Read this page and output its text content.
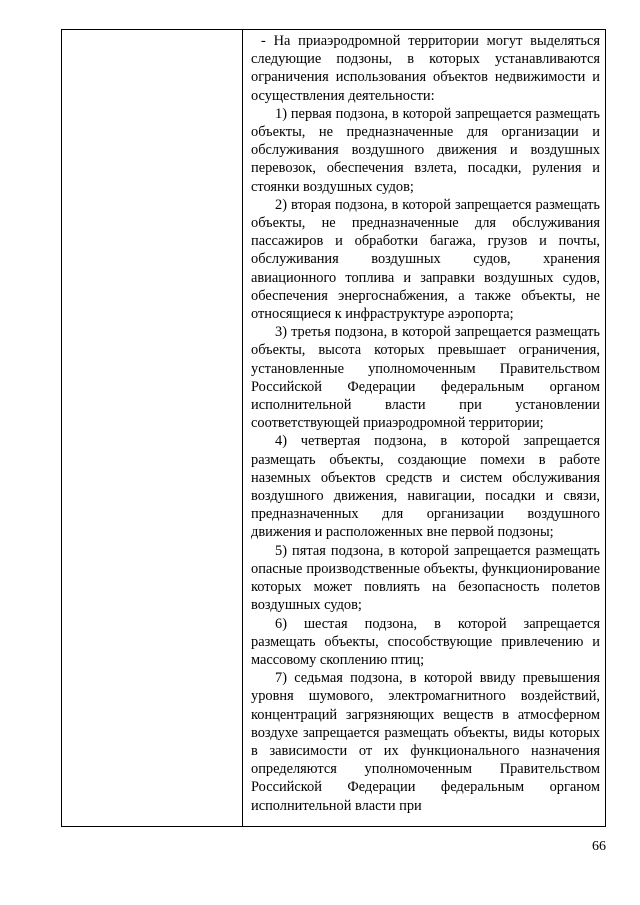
- На приаэродромной территории могут выделяться следующие подзоны, в которых устанавливаются ограничения использования объектов недвижимости и осуществления деятельности:

1) первая подзона, в которой запрещается размещать объекты, не предназначенные для организации и обслуживания воздушного движения и воздушных перевозок, обеспечения взлета, посадки, руления и стоянки воздушных судов;

2) вторая подзона, в которой запрещается размещать объекты, не предназначенные для обслуживания пассажиров и обработки багажа, грузов и почты, обслуживания воздушных судов, хранения авиационного топлива и заправки воздушных судов, обеспечения энергоснабжения, а также объекты, не относящиеся к инфраструктуре аэропорта;

3) третья подзона, в которой запрещается размещать объекты, высота которых превышает ограничения, установленные уполномоченным Правительством Российской Федерации федеральным органом исполнительной власти при установлении соответствующей приаэродромной территории;

4) четвертая подзона, в которой запрещается размещать объекты, создающие помехи в работе наземных объектов средств и систем обслуживания воздушного движения, навигации, посадки и связи, предназначенных для организации воздушного движения и расположенных вне первой подзоны;

5) пятая подзона, в которой запрещается размещать опасные производственные объекты, функционирование которых может повлиять на безопасность полетов воздушных судов;

6) шестая подзона, в которой запрещается размещать объекты, способствующие привлечению и массовому скоплению птиц;

7) седьмая подзона, в которой ввиду превышения уровня шумового, электромагнитного воздействий, концентраций загрязняющих веществ в атмосферном воздухе запрещается размещать объекты, виды которых в зависимости от их функционального назначения определяются уполномоченным Правительством Российской Федерации федеральным органом исполнительной власти при

66
